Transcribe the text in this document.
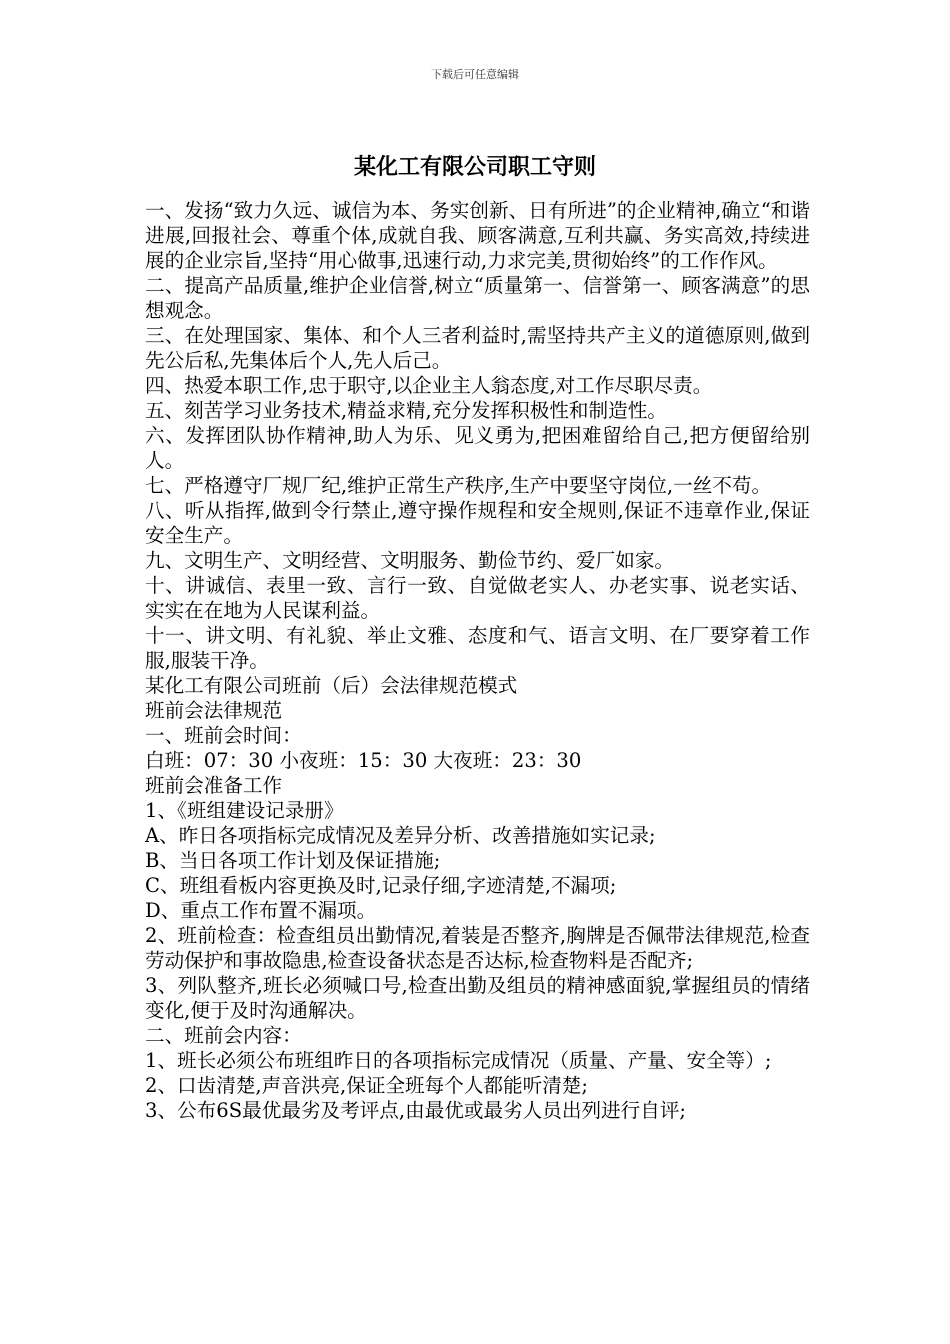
下载后可任意编辑
某化工有限公司职工守则

一、发扬“致力久远、诚信为本、务实创新、日有所进”的企业精神,确立“和谐进展,回报社会、尊重个体,成就自我、顾客满意,互利共赢、务实高效,持续进展的企业宗旨,坚持“用心做事,迅速行动,力求完美,贯彻始终”的工作作风。

二、提高产品质量,维护企业信誉,树立“质量第一、信誉第一、顾客满意”的思想观念。

三、在处理国家、集体、和个人三者利益时,需坚持共产主义的道德原则,做到先公后私,先集体后个人,先人后己。

四、热爱本职工作,忠于职守,以企业主人翁态度,对工作尽职尽责。

五、刻苦学习业务技术,精益求精,充分发挥积极性和制造性。

六、发挥团队协作精神,助人为乐、见义勇为,把困难留给自己,把方便留给别人。

七、严格遵守厂规厂纪,维护正常生产秩序,生产中要坚守岗位,一丝不苟。

八、听从指挥,做到令行禁止,遵守操作规程和安全规则,保证不违章作业,保证安全生产。

九、文明生产、文明经营、文明服务、勤俭节约、爱厂如家。

十、讲诚信、表里一致、言行一致、自觉做老实人、办老实事、说老实话、实实在在地为人民谋利益。

十一、讲文明、有礼貌、举止文雅、态度和气、语言文明、在厂要穿着工作服,服装干净。

某化工有限公司班前（后）会法律规范模式

班前会法律规范

一、班前会时间：

白班：07：30 小夜班：15：30 大夜班：23：30

班前会准备工作

1、《班组建设记录册》

A、昨日各项指标完成情况及差异分析、改善措施如实记录;

B、当日各项工作计划及保证措施;

C、班组看板内容更换及时,记录仔细,字迹清楚,不漏项;

D、重点工作布置不漏项。

2、班前检查：检查组员出勤情况,着装是否整齐,胸牌是否佩带法律规范,检查劳动保护和事故隐患,检查设备状态是否达标,检查物料是否配齐;

3、列队整齐,班长必须喊口号,检查出勤及组员的精神感面貌,掌握组员的情绪变化,便于及时沟通解决。

二、班前会内容：

1、班长必须公布班组昨日的各项指标完成情况（质量、产量、安全等）;

2、口齿清楚,声音洪亮,保证全班每个人都能听清楚;

3、公布6S最优最劣及考评点,由最优或最劣人员出列进行自评;
